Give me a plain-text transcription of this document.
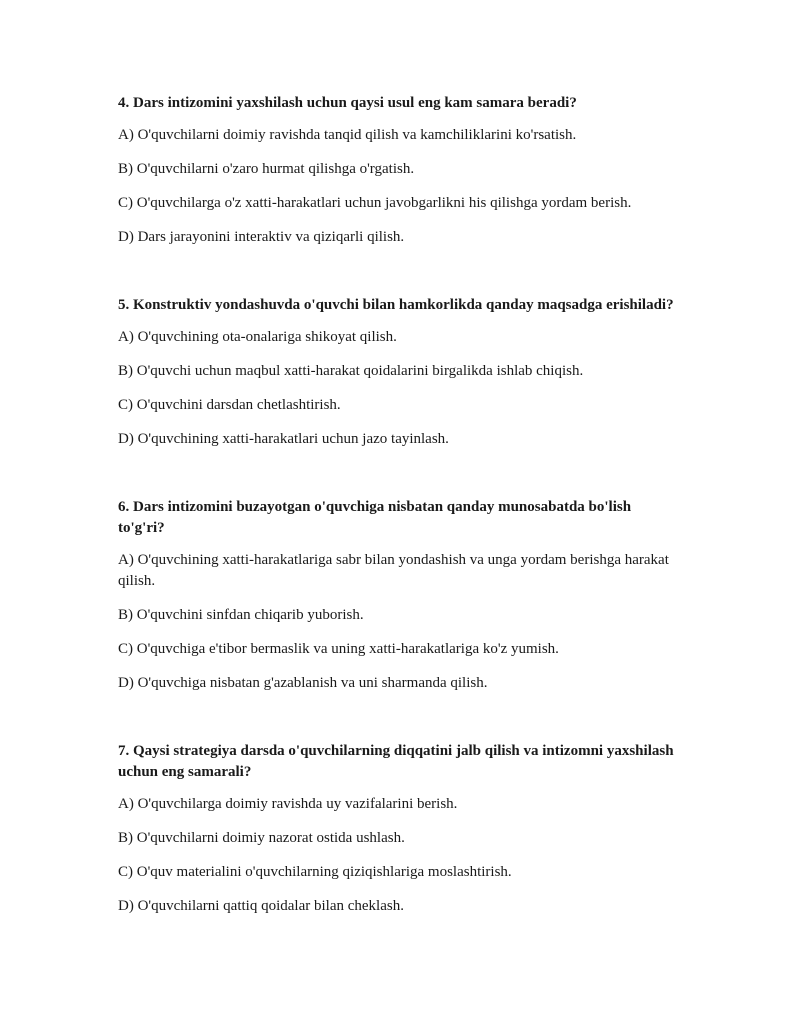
4. Dars intizomini yaxshilash uchun qaysi usul eng kam samara beradi?

A) O'quvchilarni doimiy ravishda tanqid qilish va kamchiliklarini ko'rsatish.

B) O'quvchilarni o'zaro hurmat qilishga o'rgatish.

C) O'quvchilarga o'z xatti-harakatlari uchun javobgarlikni his qilishga yordam berish.

D) Dars jarayonini interaktiv va qiziqarli qilish.

5. Konstruktiv yondashuvda o'quvchi bilan hamkorlikda qanday maqsadga erishiladi?

A) O'quvchining ota-onalariga shikoyat qilish.

B) O'quvchi uchun maqbul xatti-harakat qoidalarini birgalikda ishlab chiqish.

C) O'quvchini darsdan chetlashtirish.

D) O'quvchining xatti-harakatlari uchun jazo tayinlash.

6. Dars intizomini buzayotgan o'quvchiga nisbatan qanday munosabatda bo'lish to'g'ri?

A) O'quvchining xatti-harakatlariga sabr bilan yondashish va unga yordam berishga harakat qilish.

B) O'quvchini sinfdan chiqarib yuborish.

C) O'quvchiga e'tibor bermaslik va uning xatti-harakatlariga ko'z yumish.

D) O'quvchiga nisbatan g'azablanish va uni sharmanda qilish.

7. Qaysi strategiya darsda o'quvchilarning diqqatini jalb qilish va intizomni yaxshilash uchun eng samarali?

A) O'quvchilarga doimiy ravishda uy vazifalarini berish.

B) O'quvchilarni doimiy nazorat ostida ushlash.

C) O'quv materialini o'quvchilarning qiziqishlariga moslashtirish.

D) O'quvchilarni qattiq qoidalar bilan cheklash.
